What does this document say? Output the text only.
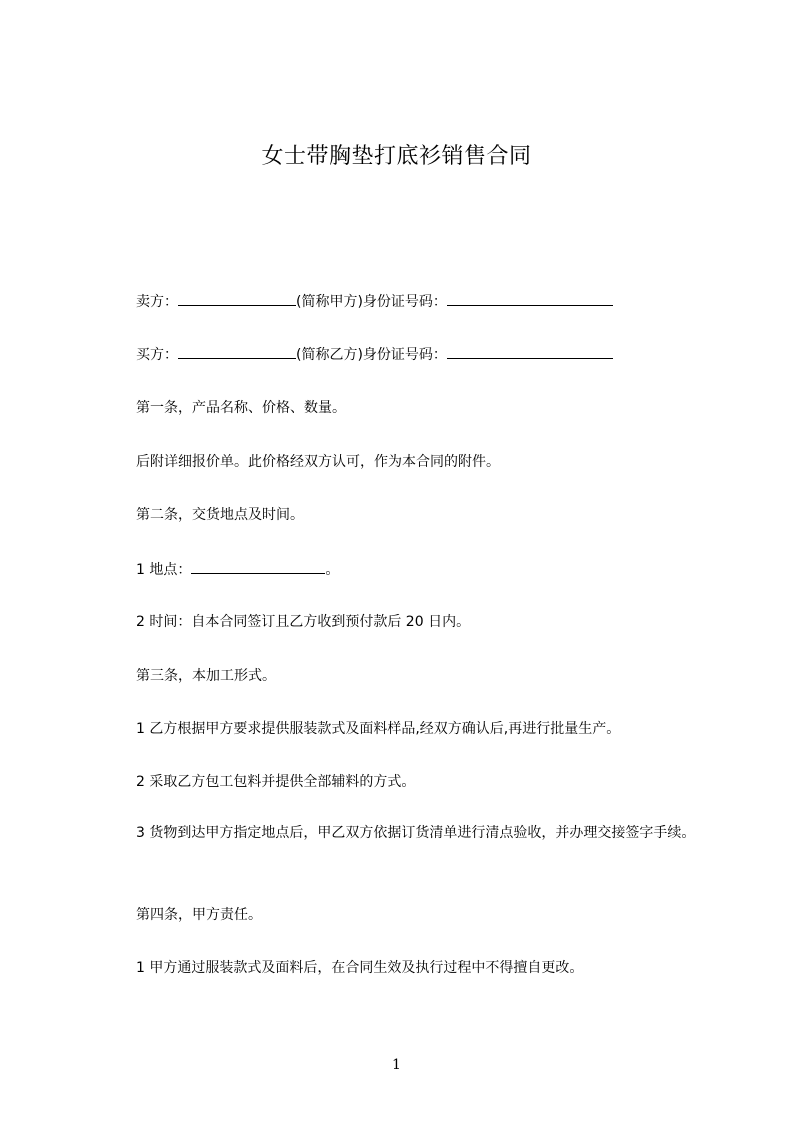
女士带胸垫打底衫销售合同
卖方：	(简称甲方)身份证号码：
买方：	(简称乙方)身份证号码：
第一条，产品名称、价格、数量。
后附详细报价单。此价格经双方认可，作为本合同的附件。
第二条，交货地点及时间。
1 地点：	。
2 时间：自本合同签订且乙方收到预付款后 20 日内。
第三条，本加工形式。
1 乙方根据甲方要求提供服装款式及面料样品,经双方确认后,再进行批量生产。
2 采取乙方包工包料并提供全部辅料的方式。
3 货物到达甲方指定地点后，甲乙双方依据订货清单进行清点验收，并办理交接签字手续。
第四条，甲方责任。
1 甲方通过服装款式及面料后，在合同生效及执行过程中不得擅自更改。
1
